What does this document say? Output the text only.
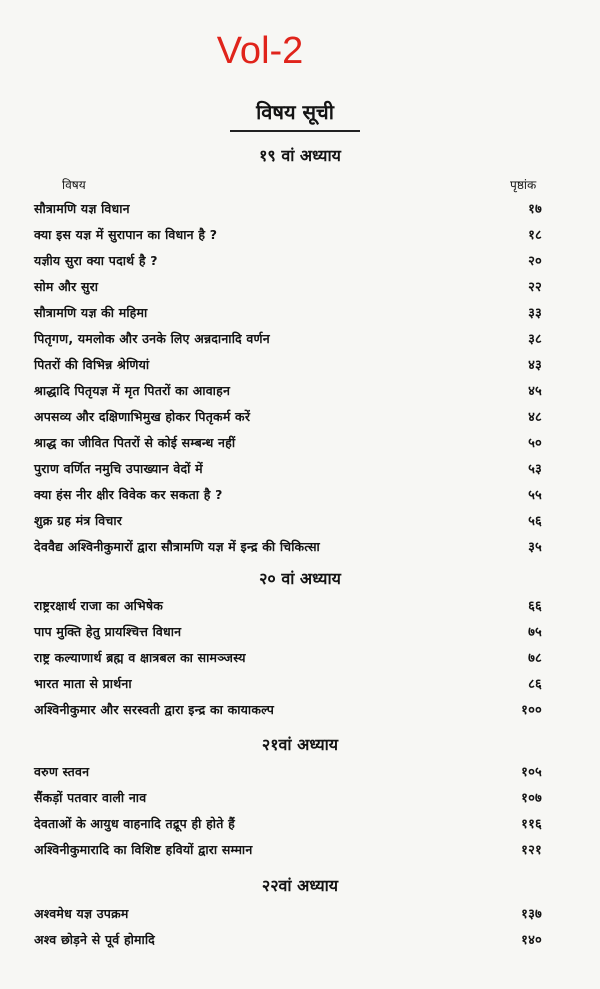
Vol-2
विषय सूची
१९ वां अध्याय
विषय	पृष्ठांक
सौत्रामणि यज्ञ विधान	१७
क्या इस यज्ञ में सुरापान का विधान है ?	१८
यज्ञीय सुरा क्या पदार्थ है ?	२०
सोम और सुरा	२२
सौत्रामणि यज्ञ की महिमा	३३
पितृगण, यमलोक और उनके लिए अन्नदानादि वर्णन	३८
पितरों की विभिन्न श्रेणियां	४३
श्राद्धादि पितृयज्ञ में मृत पितरों का आवाहन	४५
अपसव्य और दक्षिणाभिमुख होकर पितृकर्म करें	४८
श्राद्ध का जीवित पितरों से कोई सम्बन्ध नहीं	५०
पुराण वर्णित नमुचि उपाख्यान वेदों में	५३
क्या हंस नीर क्षीर विवेक कर सकता है ?	५५
शुक्र ग्रह मंत्र विचार	५६
देववैद्य अश्विनीकुमारों द्वारा सौत्रामणि यज्ञ में इन्द्र की चिकित्सा	३५
२० वां अध्याय
राष्ट्ररक्षार्थ राजा का अभिषेक	६६
पाप मुक्ति हेतु प्रायश्चित्त विधान	७५
राष्ट्र कल्याणार्थ ब्रह्म व क्षात्रबल का सामञ्जस्य	७८
भारत माता से प्रार्थना	८६
अश्विनीकुमार और सरस्वती द्वारा इन्द्र का कायाकल्प	१००
२१वां अध्याय
वरुण स्तवन	१०५
सैंकड़ों पतवार वाली नाव	१०७
देवताओं के आयुध वाहनादि तद्रूप ही होते हैं	११६
अश्विनीकुमारादि का विशिष्ट हवियों द्वारा सम्मान	१२१
२२वां अध्याय
अश्वमेध यज्ञ उपक्रम	१३७
अश्व छोड़ने से पूर्व होमादि	१४०
